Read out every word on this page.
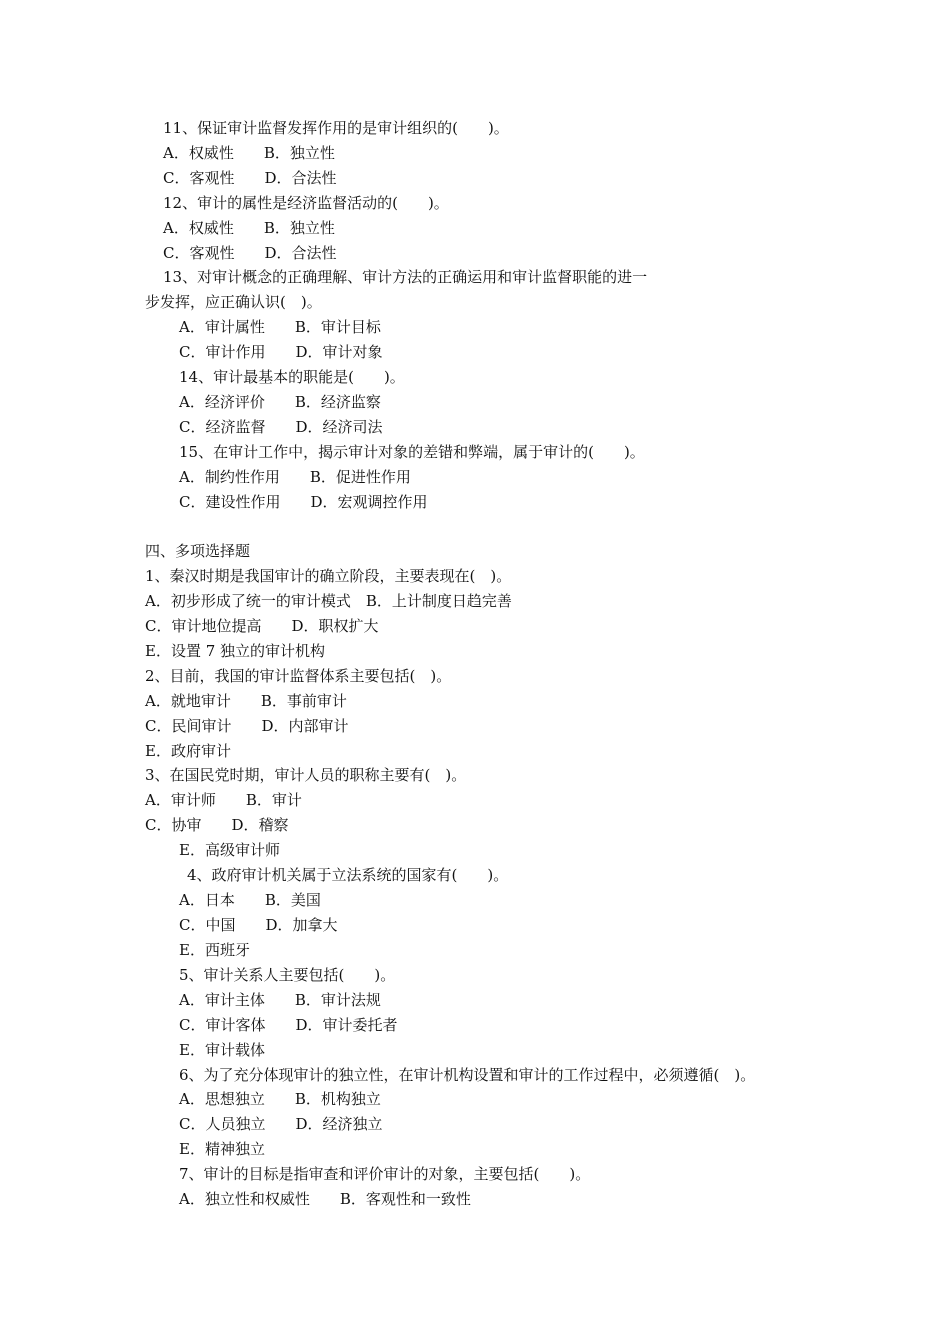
11、保证审计监督发挥作用的是审计组织的(　　)。
A．权威性　　B．独立性
C．客观性　　D．合法性
12、审计的属性是经济监督活动的(　　)。
A．权威性　　B．独立性
C．客观性　　D．合法性
13、对审计概念的正确理解、审计方法的正确运用和审计监督职能的进一
步发挥，应正确认识(　)。
A．审计属性　　B．审计目标
C．审计作用　　D．审计对象
14、审计最基本的职能是(　　)。
A．经济评价　　B．经济监察
C．经济监督　　D．经济司法
15、在审计工作中，揭示审计对象的差错和弊端，属于审计的(　　)。
A．制约性作用　　B．促进性作用
C．建设性作用　　D．宏观调控作用
四、多项选择题
1、秦汉时期是我国审计的确立阶段，主要表现在(　)。
A．初步形成了统一的审计模式　B．上计制度日趋完善
C．审计地位提高　　D．职权扩大
E．设置 7 独立的审计机构
2、目前，我国的审计监督体系主要包括(　)。
A．就地审计　　B．事前审计
C．民间审计　　D．内部审计
E．政府审计
3、在国民党时期，审计人员的职称主要有(　)。
A．审计师　　B．审计
C．协审　　D．稽察
E．高级审计师
4、政府审计机关属于立法系统的国家有(　　)。
A．日本　　B．美国
C．中国　　D．加拿大
E．西班牙
5、审计关系人主要包括(　　)。
A．审计主体　　B．审计法规
C．审计客体　　D．审计委托者
E．审计载体
6、为了充分体现审计的独立性，在审计机构设置和审计的工作过程中，必须遵循(　)。
A．思想独立　　B．机构独立
C．人员独立　　D．经济独立
E．精神独立
7、审计的目标是指审查和评价审计的对象，主要包括(　　)。
A．独立性和权威性　　B．客观性和一致性
